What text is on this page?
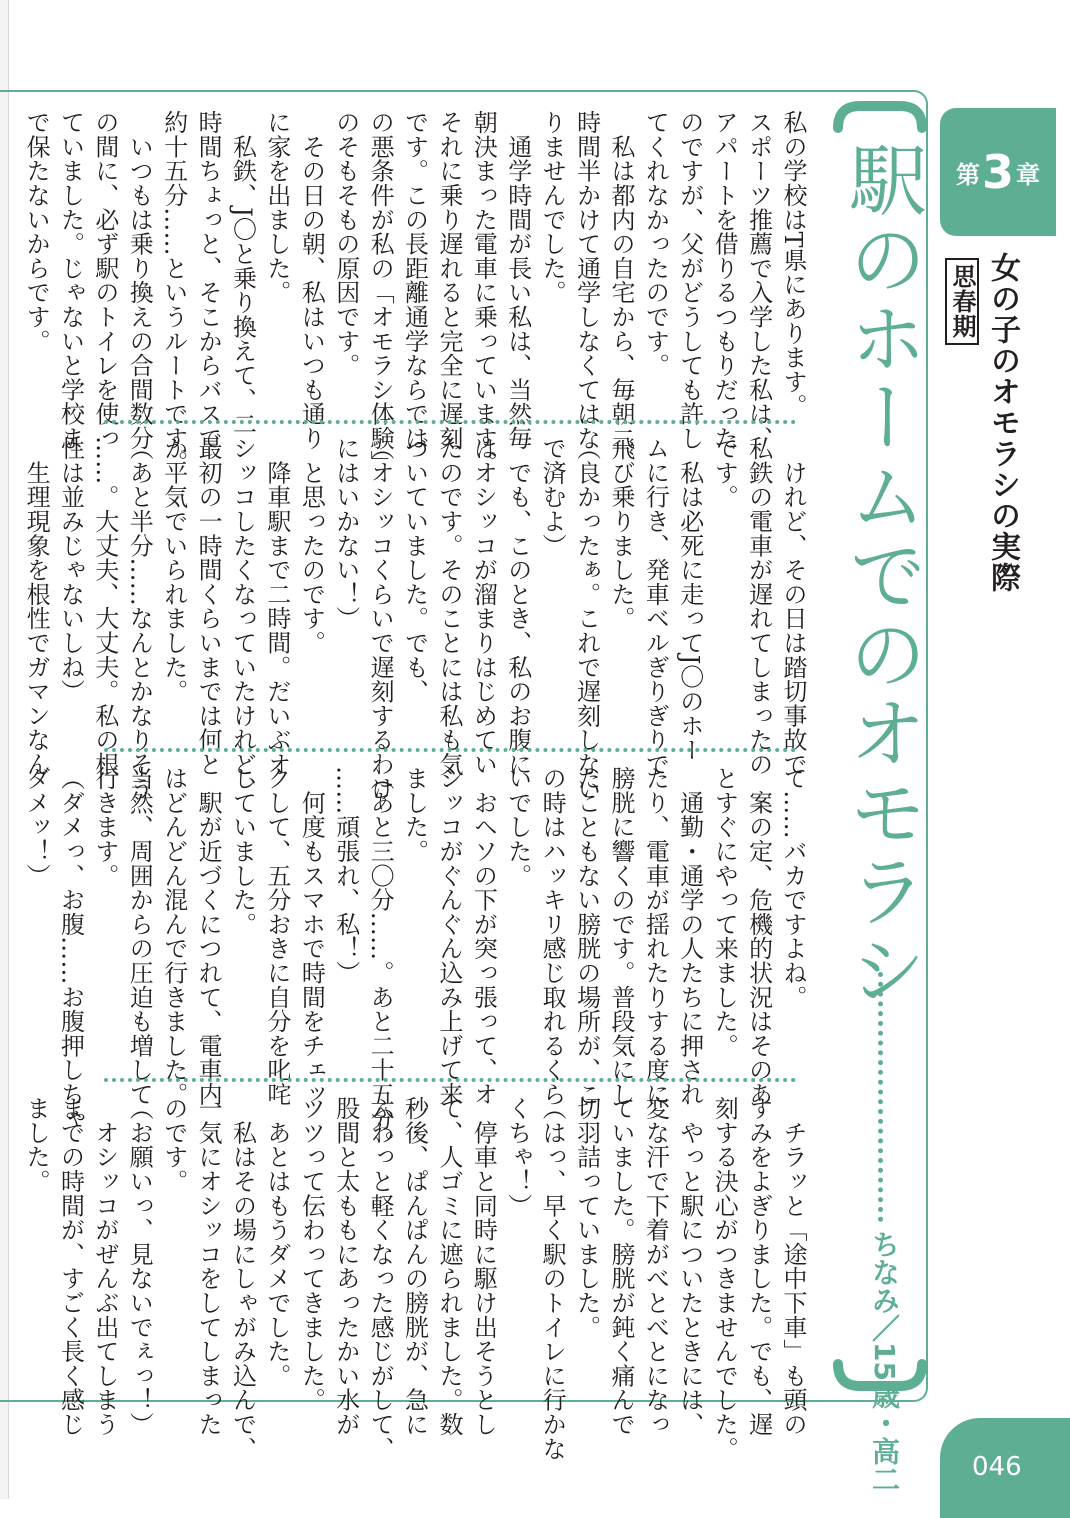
第 3 章
女の子のオモラシの実際 思春期
駅のホームでのオモラシ
ちなみ／15歳・高二
私の学校はT県にあります。
スポーツ推薦で入学した私は、
アパートを借りるつもりだった
のですが、父がどうしても許し
てくれなかったのです。
　私は都内の自宅から、毎朝二
時間半かけて通学しなくてはな
りませんでした。
　通学時間が長い私は、当然毎
朝決まった電車に乗っています。
それに乗り遅れると完全に遅刻
です。この長距離通学ならでは
の悪条件が私の「オモラシ体験」
のそもそもの原因です。
　その日の朝、私はいつも通り
に家を出ました。
　私鉄、J〇と乗り換えて、二
時間ちょっと、そこからバスで
約十五分……というルートです。
　いつもは乗り換えの合間数分
の間に、必ず駅のトイレを使っ
ていました。じゃないと学校ま
で保たないからです。
　けれど、その日は踏切事故で
私鉄の電車が遅れてしまったの
です。
　私は必死に走ってJ〇のホー
ムに行き、発車ベルぎりぎりで
飛び乗りました。
（良かったぁ。これで遅刻しない
で済むよ）
　でも、このとき、私のお腹に
はオシッコが溜まりはじめてい
たのです。そのことには私も気
づいていました。でも、
（オシッコくらいで遅刻するわけ
にはいかない！）
　と思ったのです。
　降車駅まで二時間。だいぶオ
シッコしたくなっていたけれど、
最初の一時間くらいまでは何と
か平気でいられました。
（あと半分……なんとかなりそう
……。大丈夫、大丈夫。私の根
性は並みじゃないしね）
　生理現象を根性でガマンなん
て……バカですよね。
　案の定、危機的状況はそのあ
とすぐにやって来ました。
　通勤・通学の人たちに押され
たり、電車が揺れたりする度に
膀胱に響くのです。普段気にし
たこともない膀胱の場所が、こ
の時はハッキリ感じ取れるくら
いでした。
　おヘソの下が突っ張って、オ
シッコがぐんぐん込み上げて来
ました。
（あと三〇分……。あと二十五分。
……頑張れ、私！）
　何度もスマホで時間をチェッ
クして、五分おきに自分を叱咤
していました。
　駅が近づくにつれて、電車内
はどんどん混んで行きました。
当然、周囲からの圧迫も増して
行きます。
（ダメっ、お腹……お腹押しちゃ
ダメッ！）
　チラッと「途中下車」も頭の
すみをよぎりました。でも、遅
刻する決心がつきませんでした。
　やっと駅についたときには、
変な汗で下着がべとべとになっ
ていました。膀胱が鈍く痛んで
切羽詰っていました。
（はっ、早く駅のトイレに行かな
くちゃ！）
　停車と同時に駆け出そうとし
て、人ゴミに遮られました。数
秒後、ぱんぱんの膀胱が、急に
ふわっと軽くなった感じがして、
股間と太ももにあったかい水が
ツツって伝わってきました。
　あとはもうダメでした。
　私はその場にしゃがみ込んで、
一気にオシッコをしてしまった
のです。
（お願いっ、見ないでぇっ！）
　オシッコがぜんぶ出てしまう
までの時間が、すごく長く感じ
ました。
046
